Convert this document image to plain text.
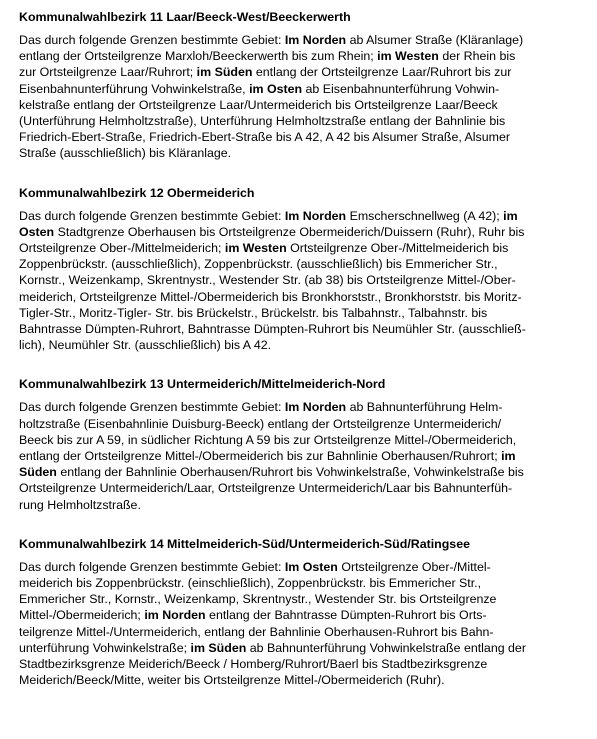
Kommunalwahlbezirk 11 Laar/Beeck-West/Beeckerwerth
Das durch folgende Grenzen bestimmte Gebiet: Im Norden ab Alsumer Straße (Kläranlage)
entlang der Ortsteilgrenze Marxloh/Beeckerwerth bis zum Rhein; im Westen der Rhein bis
zur Ortsteilgrenze Laar/Ruhrort; im Süden entlang der Ortsteilgrenze Laar/Ruhrort bis zur
Eisenbahnunterführung Vohwinkelstraße, im Osten ab Eisenbahnunterführung Vohwin-
kelstraße entlang der Ortsteilgrenze Laar/Untermeiderich bis Ortsteilgrenze Laar/Beeck
(Unterführung Helmholtzstraße), Unterführung Helmholtzstraße entlang der Bahnlinie bis
Friedrich-Ebert-Straße, Friedrich-Ebert-Straße bis A 42, A 42 bis Alsumer Straße, Alsumer
Straße (ausschließlich) bis Kläranlage.
Kommunalwahlbezirk 12 Obermeiderich
Das durch folgende Grenzen bestimmte Gebiet: Im Norden Emscherschnellweg (A 42); im
Osten Stadtgrenze Oberhausen bis Ortsteilgrenze Obermeiderich/Duissern (Ruhr), Ruhr bis
Ortsteilgrenze Ober-/Mittelmeiderich; im Westen Ortsteilgrenze Ober-/Mittelmeiderich bis
Zoppenbrückstr. (ausschließlich), Zoppenbrückstr. (ausschließlich) bis Emmericher Str.,
Kornstr., Weizenkamp, Skrentnystr., Westender Str. (ab 38) bis Ortsteilgrenze Mittel-/Ober-
meiderich, Ortsteilgrenze Mittel-/Obermeiderich bis Bronkhorststr., Bronkhorststr. bis Moritz-
Tigler-Str., Moritz-Tigler- Str. bis Brückelstr., Brückelstr. bis Talbahnstr., Talbahnstr. bis
Bahntrasse Dümpten-Ruhrort, Bahntrasse Dümpten-Ruhrort bis Neumühler Str. (ausschließ-
lich), Neumühler Str. (ausschließlich) bis A 42.
Kommunalwahlbezirk 13 Untermeiderich/Mittelmeiderich-Nord
Das durch folgende Grenzen bestimmte Gebiet: Im Norden ab Bahnunterführung Helm-
holtzstraße (Eisenbahnlinie Duisburg-Beeck) entlang der Ortsteilgrenze Untermeiderich/
Beeck bis zur A 59, in südlicher Richtung A 59 bis zur Ortsteilgrenze Mittel-/Obermeiderich,
entlang der Ortsteilgrenze Mittel-/Obermeiderich bis zur Bahnlinie Oberhausen/Ruhrort; im
Süden entlang der Bahnlinie Oberhausen/Ruhrort bis Vohwinkelstraße, Vohwinkelstraße bis
Ortsteilgrenze Untermeiderich/Laar, Ortsteilgrenze Untermeiderich/Laar bis Bahnunterfüh-
rung Helmholtzstraße.
Kommunalwahlbezirk 14 Mittelmeiderich-Süd/Untermeiderich-Süd/Ratingsee
Das durch folgende Grenzen bestimmte Gebiet: Im Osten Ortsteilgrenze Ober-/Mittel-
meiderich bis Zoppenbrückstr. (einschließlich), Zoppenbrückstr. bis Emmericher Str.,
Emmericher Str., Kornstr., Weizenkamp, Skrentnystr., Westender Str. bis Ortsteilgrenze
Mittel-/Obermeiderich; im Norden entlang der Bahntrasse Dümpten-Ruhrort bis Orts-
teilgrenze Mittel-/Untermeiderich, entlang der Bahnlinie Oberhausen-Ruhrort bis Bahn-
unterführung Vohwinkelstraße; im Süden ab Bahnunterführung Vohwinkelstraße entlang der
Stadtbezirksgrenze Meiderich/Beeck / Homberg/Ruhrort/Baerl bis Stadtbezirksgrenze
Meiderich/Beeck/Mitte, weiter bis Ortsteilgrenze Mittel-/Obermeiderich (Ruhr).
